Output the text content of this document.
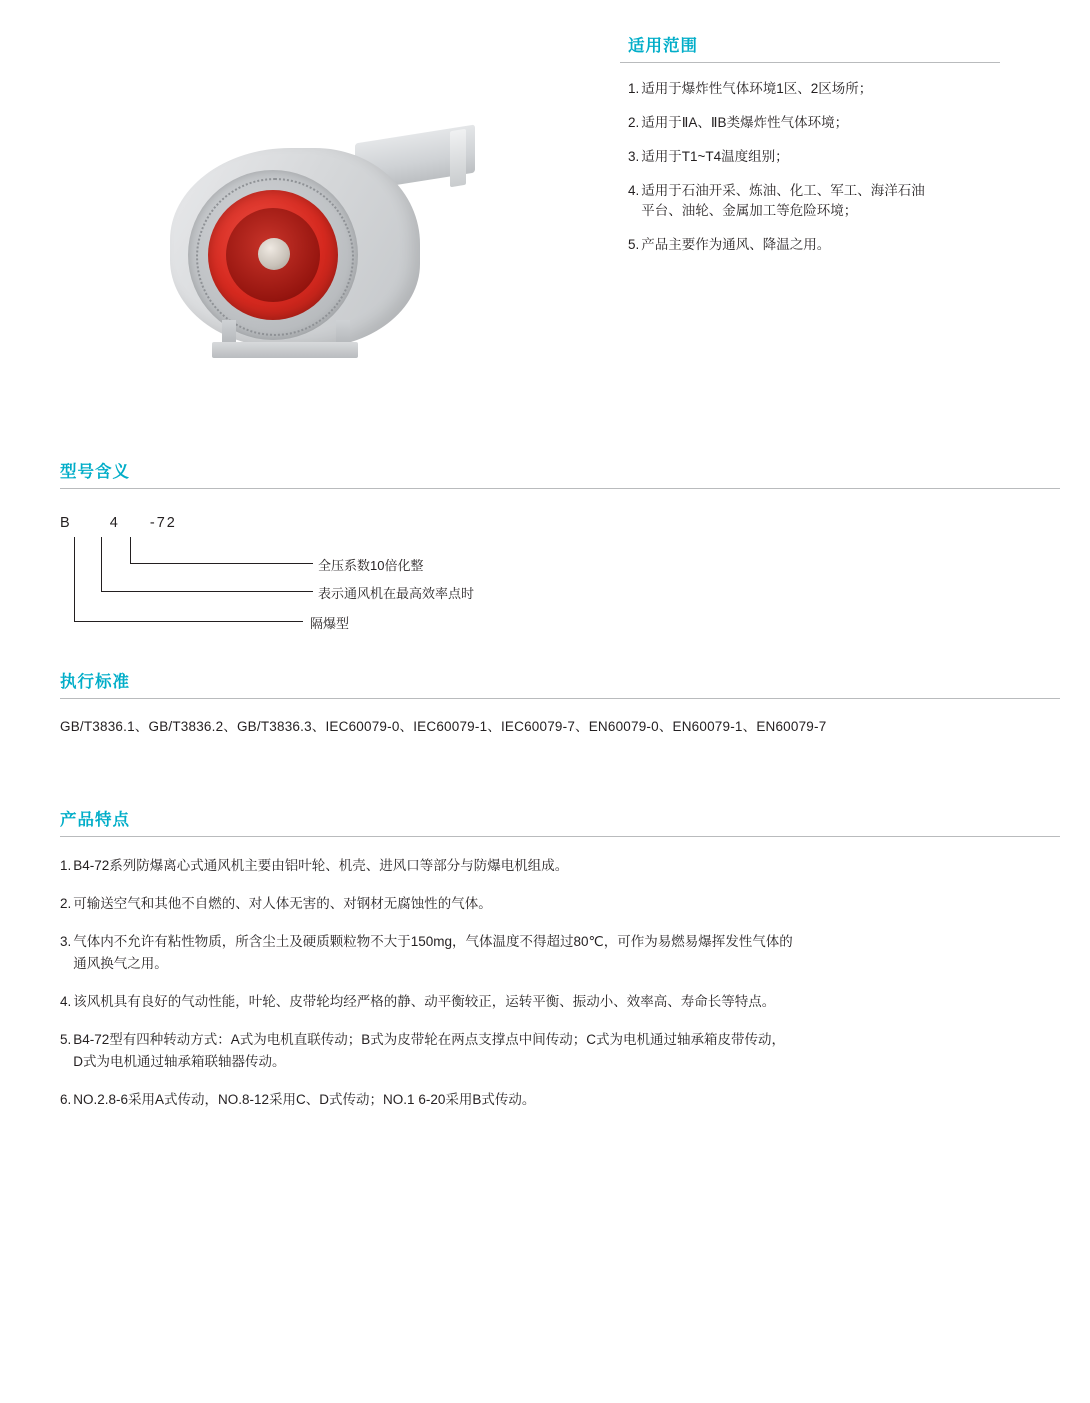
适用范围
1. 适用于爆炸性气体环境1区、2区场所；
2. 适用于ⅡA、ⅡB类爆炸性气体环境；
3. 适用于T1~T4温度组别；
4. 适用于石油开采、炼油、化工、军工、海洋石油
平台、油轮、金属加工等危险环境；
5. 产品主要作为通风、降温之用。
型号含义
B	4 -72
全压系数10倍化整
表示通风机在最高效率点时
隔爆型
执行标准
GB/T3836.1、GB/T3836.2、GB/T3836.3、IEC60079-0、IEC60079-1、IEC60079-7、EN60079-0、EN60079-1、EN60079-7
产品特点
1. B4-72系列防爆离心式通风机主要由铝叶轮、机壳、进风口等部分与防爆电机组成。
2. 可输送空气和其他不自燃的、对人体无害的、对钢材无腐蚀性的气体。
3. 气体内不允许有粘性物质，所含尘土及硬质颗粒物不大于150mg，气体温度不得超过80℃，可作为易燃易爆挥发性气体的
通风换气之用。
4. 该风机具有良好的气动性能，叶轮、皮带轮均经严格的静、动平衡较正，运转平衡、振动小、效率高、寿命长等特点。
5. B4-72型有四种转动方式：A式为电机直联传动；B式为皮带轮在两点支撑点中间传动；C式为电机通过轴承箱皮带传动，
D式为电机通过轴承箱联轴器传动。
6. NO.2.8-6采用A式传动，NO.8-12采用C、D式传动；NO.1 6-20采用B式传动。
